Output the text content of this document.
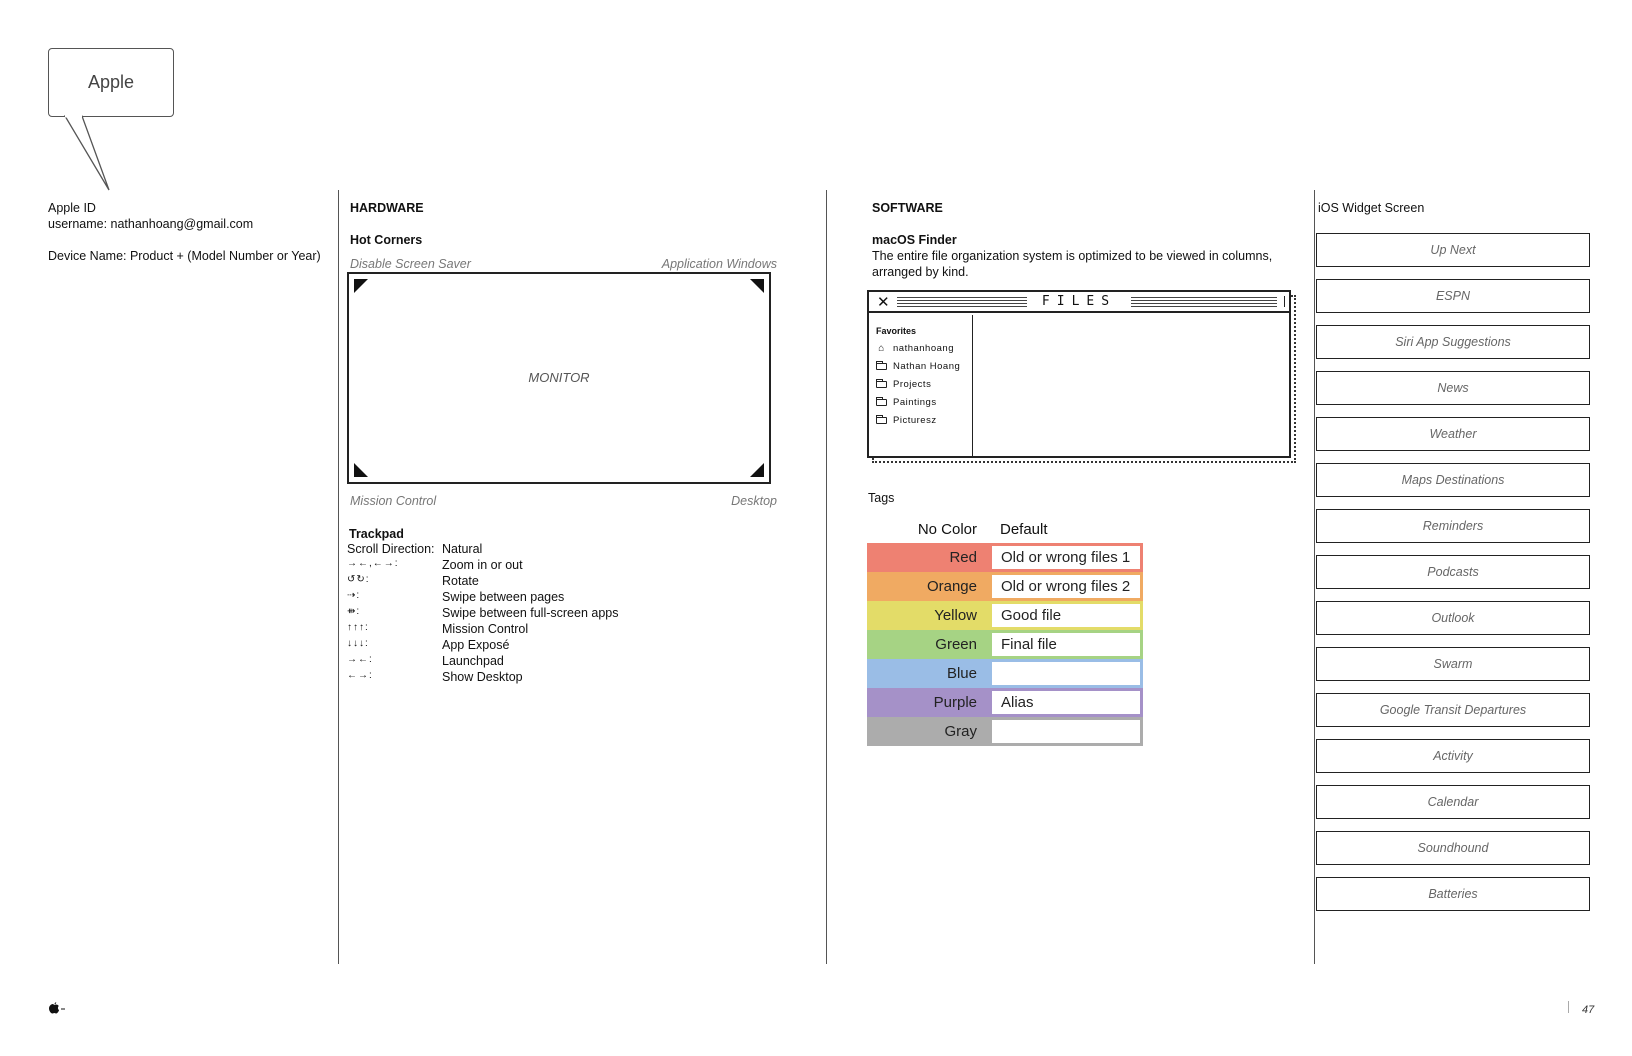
Apple
Apple ID
username: nathanhoang@gmail.com
Device Name: Product + (Model Number or Year)
HARDWARE
Hot Corners
Disable Screen Saver	Application Windows
MONITOR
Mission Control	Desktop
Trackpad
Scroll Direction: Natural
→←,←→:	Zoom in or out
↺↻:	Rotate
⇢:	Swipe between pages
⇻:	Swipe between full-screen apps
↑↑↑:	Mission Control
↓↓↓:	App Exposé
→←:	Launchpad
←→:	Show Desktop
SOFTWARE
macOS Finder
The entire file organization system is optimized to be viewed in columns,
arranged by kind.
✕	FILES
Favorites
⌂ nathanhoang
Nathan Hoang
Projects
Paintings
Picturesz
Tags
No Color	Default
Red	Old or wrong files 1
Orange	Old or wrong files 2
Yellow	Good file
Green	Final file
Blue
Purple	Alias
Gray
iOS Widget Screen
Up Next
ESPN
Siri App Suggestions
News
Weather
Maps Destinations
Reminders
Podcasts
Outlook
Swarm
Google Transit Departures
Activity
Calendar
Soundhound
Batteries
47
